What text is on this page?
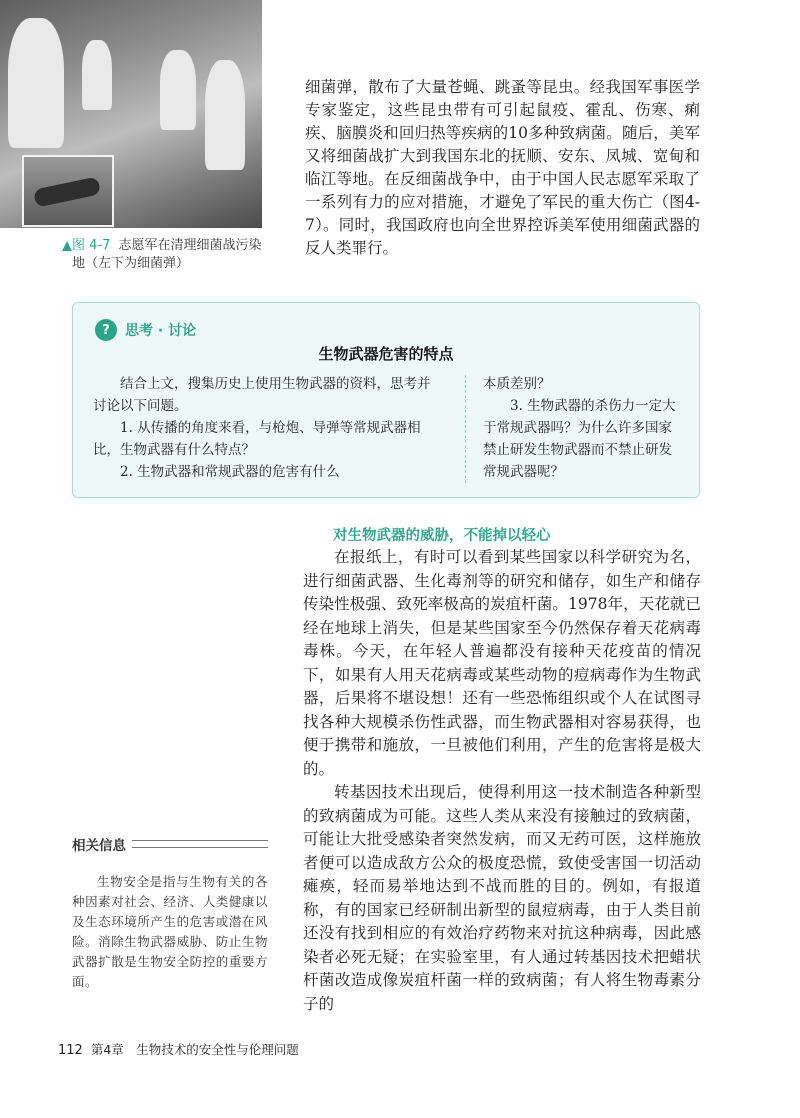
图 4-7 志愿军在清理细菌战污染地（左下为细菌弹）

细菌弹，散布了大量苍蝇、跳蚤等昆虫。经我国军事医学专家鉴定，这些昆虫带有可引起鼠疫、霍乱、伤寒、痢疾、脑膜炎和回归热等疾病的10多种致病菌。随后，美军又将细菌战扩大到我国东北的抚顺、安东、凤城、宽甸和临江等地。在反细菌战争中，由于中国人民志愿军采取了一系列有力的应对措施，才避免了军民的重大伤亡（图4-7）。同时，我国政府也向全世界控诉美军使用细菌武器的反人类罪行。

?	思考 · 讨论
生物武器危害的特点

结合上文，搜集历史上使用生物武器的资料，思考并讨论以下问题。

1. 从传播的角度来看，与枪炮、导弹等常规武器相比，生物武器有什么特点？

2. 生物武器和常规武器的危害有什么

本质差别？

3. 生物武器的杀伤力一定大于常规武器吗？为什么许多国家禁止研发生物武器而不禁止研发常规武器呢？

对生物武器的威胁，不能掉以轻心

在报纸上，有时可以看到某些国家以科学研究为名，进行细菌武器、生化毒剂等的研究和储存，如生产和储存传染性极强、致死率极高的炭疽杆菌。1978年，天花就已经在地球上消失，但是某些国家至今仍然保存着天花病毒毒株。今天，在年轻人普遍都没有接种天花疫苗的情况下，如果有人用天花病毒或某些动物的痘病毒作为生物武器，后果将不堪设想！还有一些恐怖组织或个人在试图寻找各种大规模杀伤性武器，而生物武器相对容易获得，也便于携带和施放，一旦被他们利用，产生的危害将是极大的。

转基因技术出现后，使得利用这一技术制造各种新型的致病菌成为可能。这些人类从来没有接触过的致病菌，可能让大批受感染者突然发病，而又无药可医，这样施放者便可以造成敌方公众的极度恐慌，致使受害国一切活动瘫痪，轻而易举地达到不战而胜的目的。例如，有报道称，有的国家已经研制出新型的鼠痘病毒，由于人类目前还没有找到相应的有效治疗药物来对抗这种病毒，因此感染者必死无疑；在实验室里，有人通过转基因技术把蜡状杆菌改造成像炭疽杆菌一样的致病菌；有人将生物毒素分子的

相关信息
生物安全是指与生物有关的各种因素对社会、经济、人类健康以及生态环境所产生的危害或潜在风险。消除生物武器威胁、防止生物武器扩散是生物安全防控的重要方面。
112 第4章　生物技术的安全性与伦理问题
